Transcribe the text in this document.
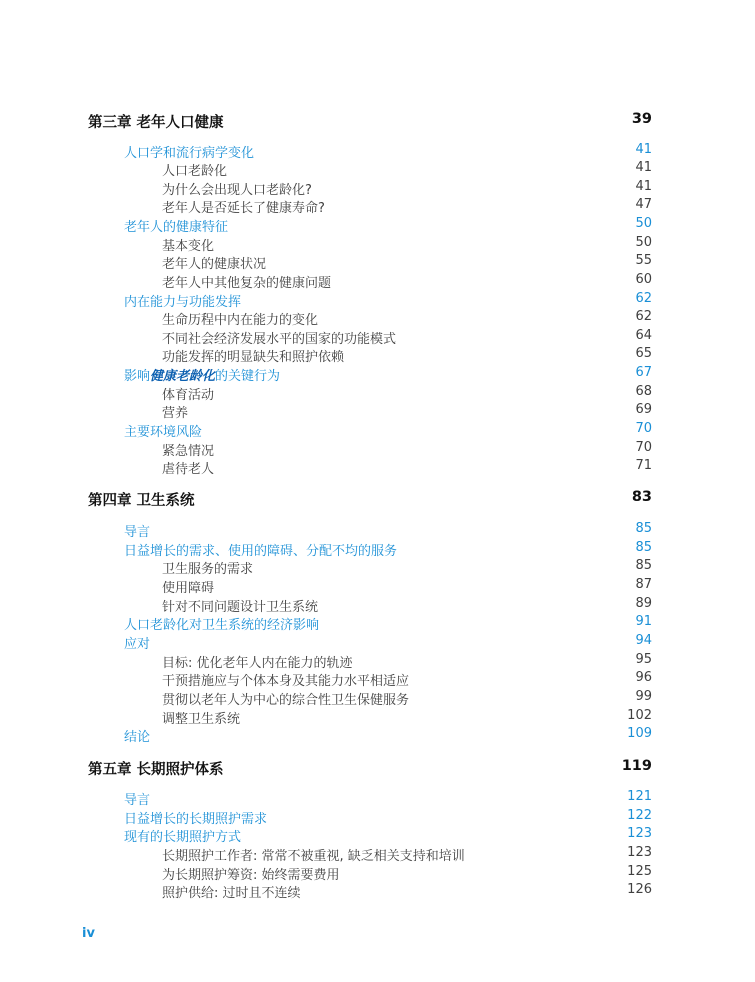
第三章 老年人口健康	39
人口学和流行病学变化	41
人口老龄化	41
为什么会出现人口老龄化?	41
老年人是否延长了健康寿命?	47
老年人的健康特征	50
基本变化	50
老年人的健康状况	55
老年人中其他复杂的健康问题	60
内在能力与功能发挥	62
生命历程中内在能力的变化	62
不同社会经济发展水平的国家的功能模式	64
功能发挥的明显缺失和照护依赖	65
影响健康老龄化的关键行为	67
体育活动	68
营养	69
主要环境风险	70
紧急情况	70
虐待老人	71
第四章 卫生系统	83
导言	85
日益增长的需求、使用的障碍、分配不均的服务	85
卫生服务的需求	85
使用障碍	87
针对不同问题设计卫生系统	89
人口老龄化对卫生系统的经济影响	91
应对	94
目标: 优化老年人内在能力的轨迹	95
干预措施应与个体本身及其能力水平相适应	96
贯彻以老年人为中心的综合性卫生保健服务	99
调整卫生系统	102
结论	109
第五章 长期照护体系	119
导言	121
日益增长的长期照护需求	122
现有的长期照护方式	123
长期照护工作者: 常常不被重视, 缺乏相关支持和培训	123
为长期照护筹资: 始终需要费用	125
照护供给: 过时且不连续	126
iv
